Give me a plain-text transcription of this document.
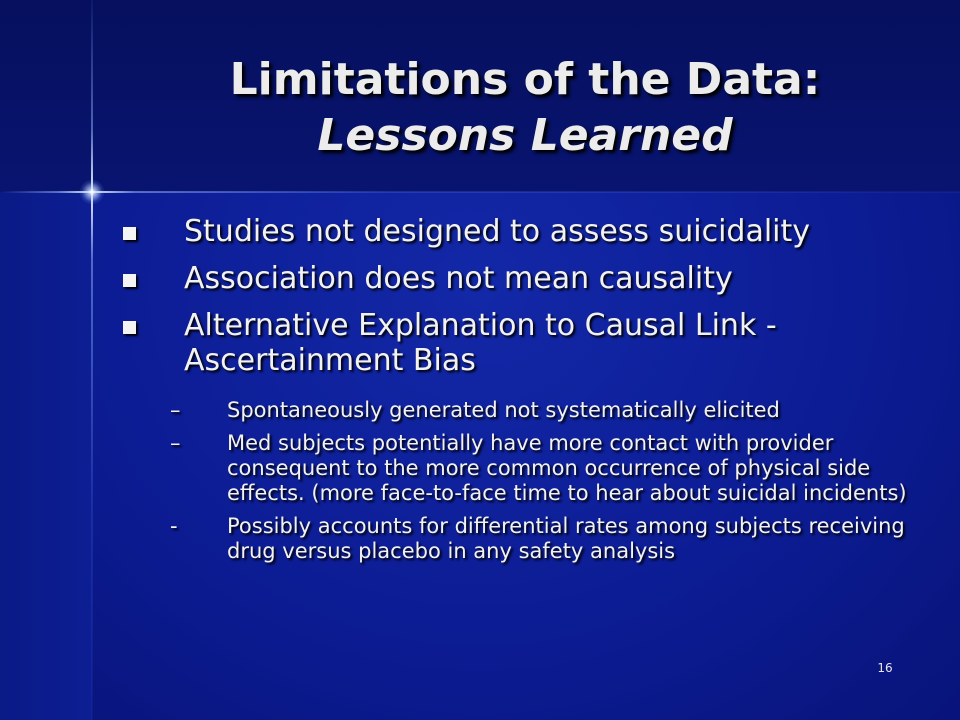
Limitations of the Data:
Lessons Learned
Studies not designed to assess suicidality
Association does not mean causality
Alternative Explanation to Causal Link - Ascertainment Bias
–	Spontaneously generated not systematically elicited
–	Med subjects potentially have more contact with provider consequent to the more common occurrence of physical side effects. (more face-to-face time to hear about suicidal incidents)
-	Possibly accounts for differential rates among subjects receiving drug versus placebo in any safety analysis
16
